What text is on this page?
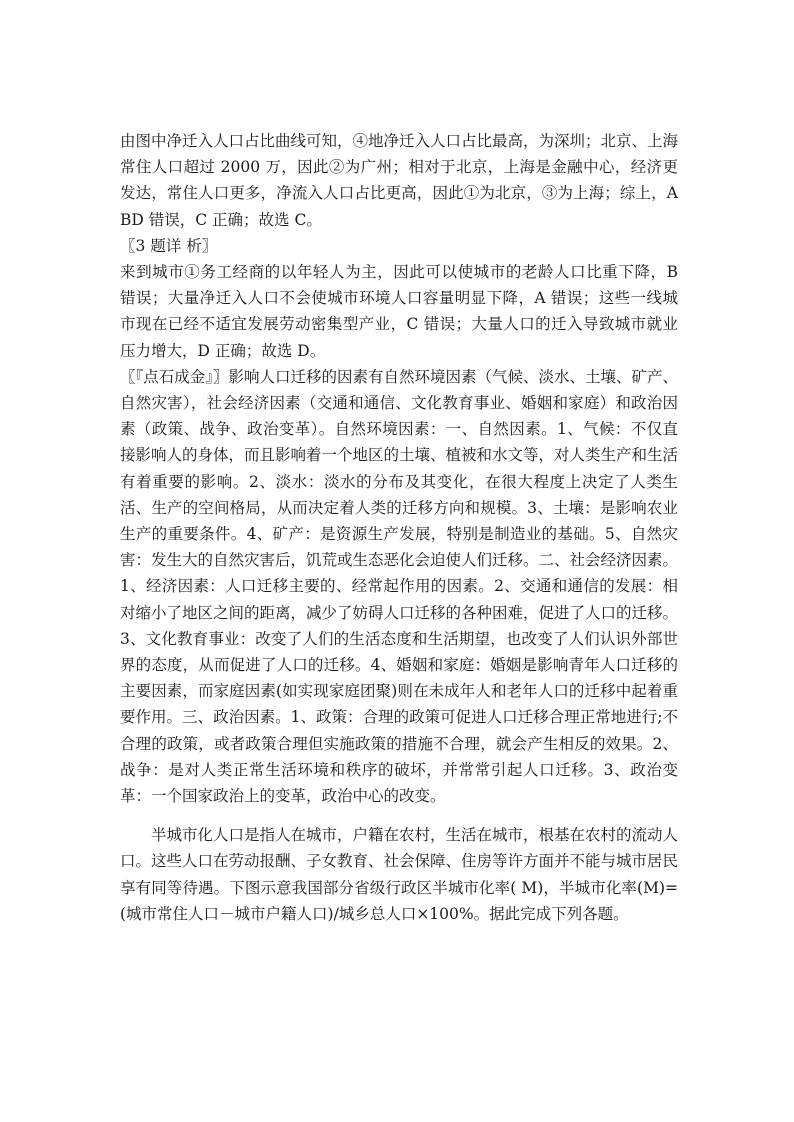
由图中净迁入人口占比曲线可知，④地净迁入人口占比最高，为深圳；北京、上海常住人口超过 2000 万，因此②为广州；相对于北京，上海是金融中心，经济更发达，常住人口更多，净流入人口占比更高，因此①为北京，③为上海；综上，ABD 错误，C 正确；故选 C。

〖3 题详 析〗

来到城市①务工经商的以年轻人为主，因此可以使城市的老龄人口比重下降，B 错误；大量净迁入人口不会使城市环境人口容量明显下降，A 错误；这些一线城市现在已经不适宜发展劳动密集型产业，C 错误；大量人口的迁入导致城市就业压力增大，D 正确；故选 D。

〖『点石成金』〗影响人口迁移的因素有自然环境因素（气候、淡水、土壤、矿产、自然灾害），社会经济因素（交通和通信、文化教育事业、婚姻和家庭）和政治因素（政策、战争、政治变革）。自然环境因素：一、自然因素。1、气候：不仅直接影响人的身体，而且影响着一个地区的土壤、植被和水文等，对人类生产和生活有着重要的影响。2、淡水：淡水的分布及其变化，在很大程度上决定了人类生活、生产的空间格局，从而决定着人类的迁移方向和规模。3、土壤：是影响农业生产的重要条件。4、矿产：是资源生产发展，特别是制造业的基础。5、自然灾害：发生大的自然灾害后，饥荒或生态恶化会迫使人们迁移。二、社会经济因素。1、经济因素：人口迁移主要的、经常起作用的因素。2、交通和通信的发展：相对缩小了地区之间的距离，减少了妨碍人口迁移的各种困难，促进了人口的迁移。3、文化教育事业：改变了人们的生活态度和生活期望，也改变了人们认识外部世界的态度，从而促进了人口的迁移。4、婚姻和家庭：婚姻是影响青年人口迁移的主要因素，而家庭因素(如实现家庭团聚)则在未成年人和老年人口的迁移中起着重要作用。三、政治因素。1、政策：合理的政策可促进人口迁移合理正常地进行;不合理的政策，或者政策合理但实施政策的措施不合理，就会产生相反的效果。2、战争：是对人类正常生活环境和秩序的破坏，并常常引起人口迁移。3、政治变革：一个国家政治上的变革，政治中心的改变。

半城市化人口是指人在城市，户籍在农村，生活在城市，根基在农村的流动人口。这些人口在劳动报酬、子女教育、社会保障、住房等许方面并不能与城市居民享有同等待遇。下图示意我国部分省级行政区半城市化率( M)，半城市化率(M)=(城市常住人口－城市户籍人口)/城乡总人口×100%。据此完成下列各题。
